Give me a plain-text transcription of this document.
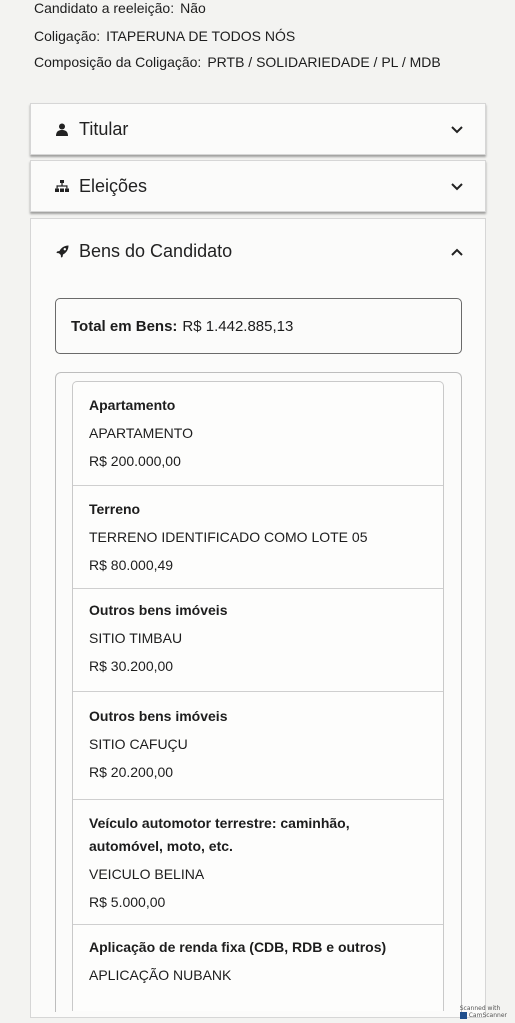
Candidato a reeleição: Não
Coligação: ITAPERUNA DE TODOS NÓS
Composição da Coligação: PRTB / SOLIDARIEDADE / PL / MDB
Titular
Eleições
Bens do Candidato
Total em Bens: R$ 1.442.885,13
Apartamento
APARTAMENTO
R$ 200.000,00
Terreno
TERRENO IDENTIFICADO COMO LOTE 05
R$ 80.000,49
Outros bens imóveis
SITIO TIMBAU
R$ 30.200,00
Outros bens imóveis
SITIO CAFUÇU
R$ 20.200,00
Veículo automotor terrestre: caminhão, automóvel, moto, etc.
VEICULO BELINA
R$ 5.000,00
Aplicação de renda fixa (CDB, RDB e outros)
APLICAÇÃO NUBANK
Scanned with
CamScanner
